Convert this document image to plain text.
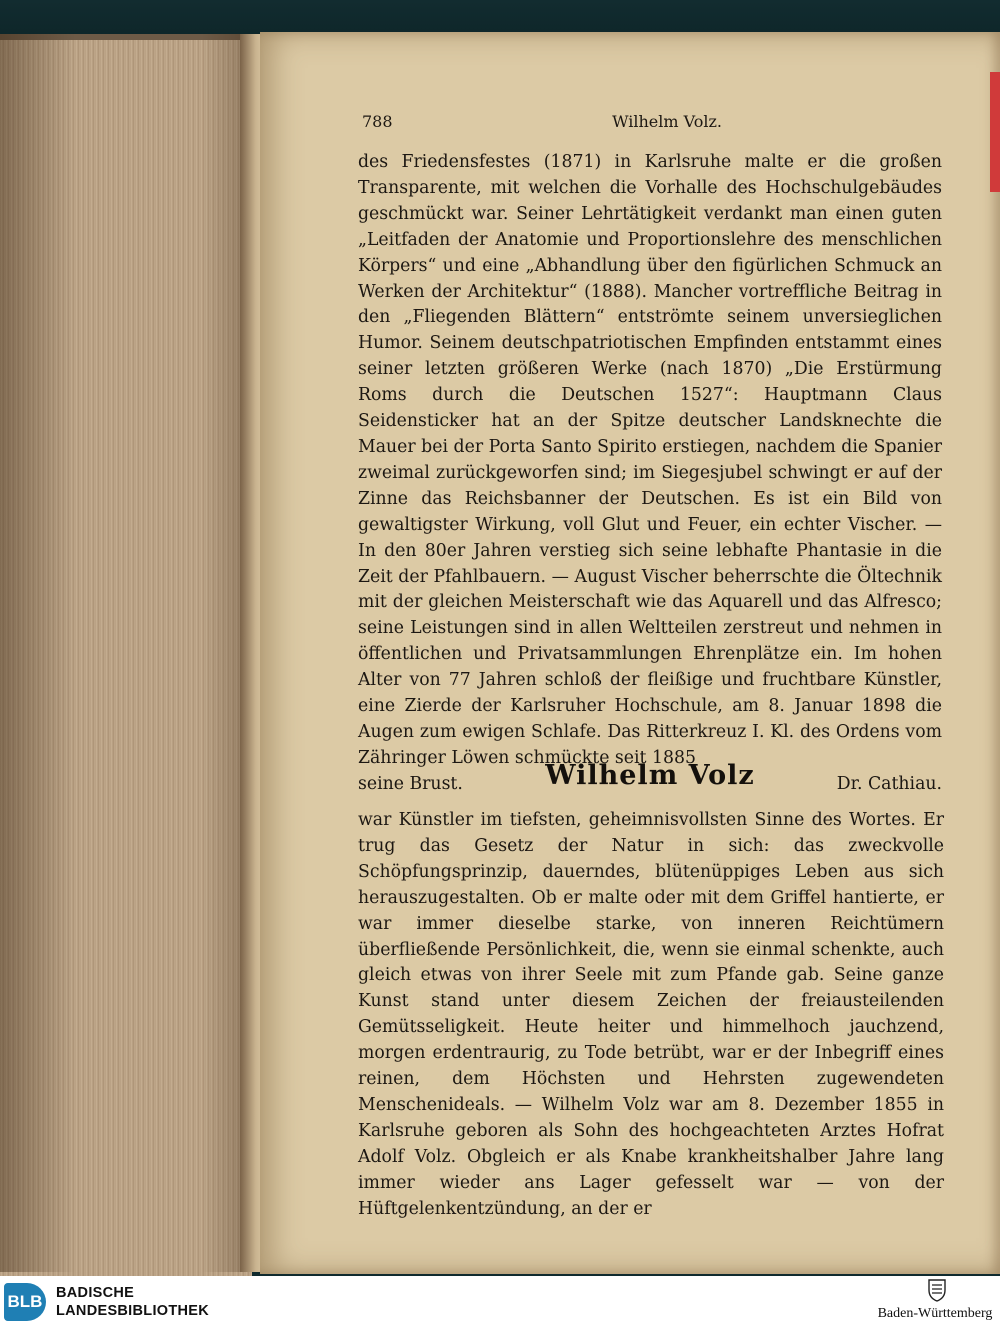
788	Wilhelm Volz.

des Friedensfestes (1871) in Karlsruhe malte er die großen Transparente, mit welchen die Vorhalle des Hochschulgebäudes geschmückt war. Seiner Lehrtätigkeit verdankt man einen guten „Leitfaden der Anatomie und Proportionslehre des menschlichen Körpers“ und eine „Abhandlung über den figürlichen Schmuck an Werken der Architektur“ (1888). Mancher vortreffliche Beitrag in den „Fliegenden Blättern“ entströmte seinem unversieglichen Humor. Seinem deutschpatriotischen Empfinden entstammt eines seiner letzten größeren Werke (nach 1870) „Die Erstürmung Roms durch die Deutschen 1527“: Hauptmann Claus Seidensticker hat an der Spitze deutscher Landsknechte die Mauer bei der Porta Santo Spirito erstiegen, nachdem die Spanier zweimal zurückgeworfen sind; im Siegesjubel schwingt er auf der Zinne das Reichsbanner der Deutschen. Es ist ein Bild von gewaltigster Wirkung, voll Glut und Feuer, ein echter Vischer. — In den 80er Jahren verstieg sich seine lebhafte Phantasie in die Zeit der Pfahlbauern. — August Vischer beherrschte die Öltechnik mit der gleichen Meisterschaft wie das Aquarell und das Alfresco; seine Leistungen sind in allen Weltteilen zerstreut und nehmen in öffentlichen und Privatsammlungen Ehrenplätze ein. Im hohen Alter von 77 Jahren schloß der fleißige und fruchtbare Künstler, eine Zierde der Karlsruher Hochschule, am 8. Januar 1898 die Augen zum ewigen Schlafe. Das Ritterkreuz I. Kl. des Ordens vom Zähringer Löwen schmückte seit 1885

seine Brust.	Dr. Cathiau.
Wilhelm Volz

war Künstler im tiefsten, geheimnisvollsten Sinne des Wortes. Er trug das Gesetz der Natur in sich: das zweckvolle Schöpfungsprinzip, dauerndes, blütenüppiges Leben aus sich herauszugestalten. Ob er malte oder mit dem Griffel hantierte, er war immer dieselbe starke, von inneren Reichtümern überfließende Persönlichkeit, die, wenn sie einmal schenkte, auch gleich etwas von ihrer Seele mit zum Pfande gab. Seine ganze Kunst stand unter diesem Zeichen der freiausteilenden Gemütsseligkeit. Heute heiter und himmelhoch jauchzend, morgen erdentraurig, zu Tode betrübt, war er der Inbegriff eines reinen, dem Höchsten und Hehrsten zugewendeten Menschenideals. — Wilhelm Volz war am 8. Dezember 1855 in Karlsruhe geboren als Sohn des hochgeachteten Arztes Hofrat Adolf Volz. Obgleich er als Knabe krankheitshalber Jahre lang immer wieder ans Lager gefesselt war — von der Hüftgelenkentzündung, an der er

BLB BADISCHE
LANDESBIBLIOTHEK	Baden-Württemberg
